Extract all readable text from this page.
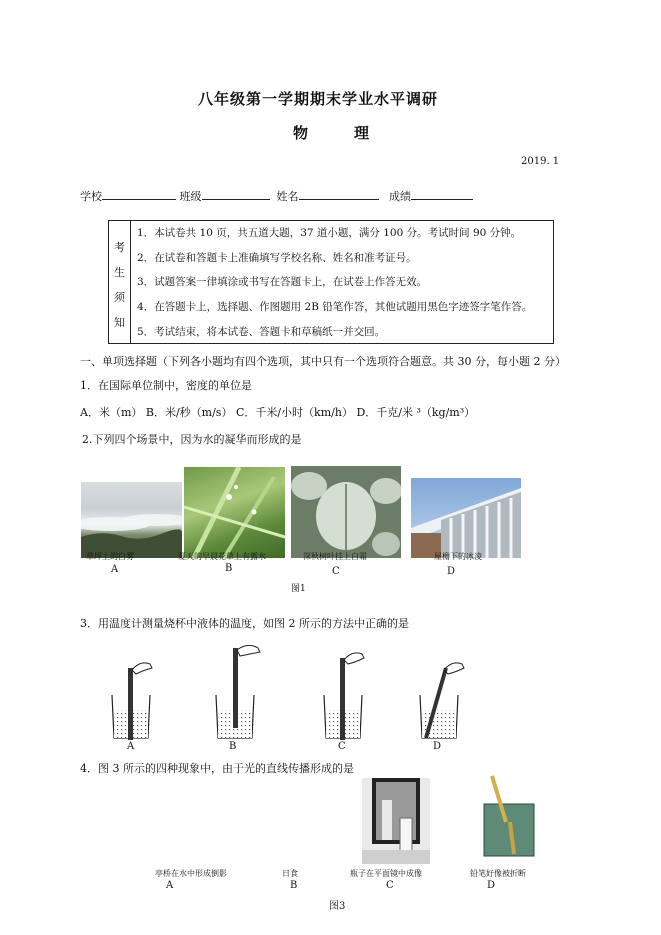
八年级第一学期期末学业水平调研
物	理
2019. 1
学校	班级	姓名	成绩
考
生
须
知
1．本试卷共 10 页，共五道大题，37 道小题，满分 100 分。考试时间 90 分钟。
2．在试卷和答题卡上准确填写学校名称、姓名和准考证号。
3．试题答案一律填涂或书写在答题卡上，在试卷上作答无效。
4．在答题卡上，选择题、作图题用 2B 铅笔作答，其他试题用黑色字迹签字笔作答。
5．考试结束，将本试卷、答题卡和草稿纸一并交回。
一、单项选择题（下列各小题均有四个选项，其中只有一个选项符合题意。共 30 分，每小题 2 分）
1．在国际单位制中，密度的单位是
A．米（m） B．米/秒（m/s） C．千米/小时（km/h） D．千克/米 ³（kg/m³）
2.下列四个场景中，因为水的凝华而形成的是
草坪上的白雾	夏天的早晨花草上有露水	深秋树叶挂上白霜	屋檐下的冰凌
A	B	C	D
图1
3．用温度计测量烧杯中液体的温度，如图 2 所示的方法中正确的是
A	B	C	D
4．图 3 所示的四种现象中，由于光的直线传播形成的是
亭桥在水中形成倒影	日食	瓶子在平面镜中成像	铅笔好像被折断
A	B	C	D
图3
